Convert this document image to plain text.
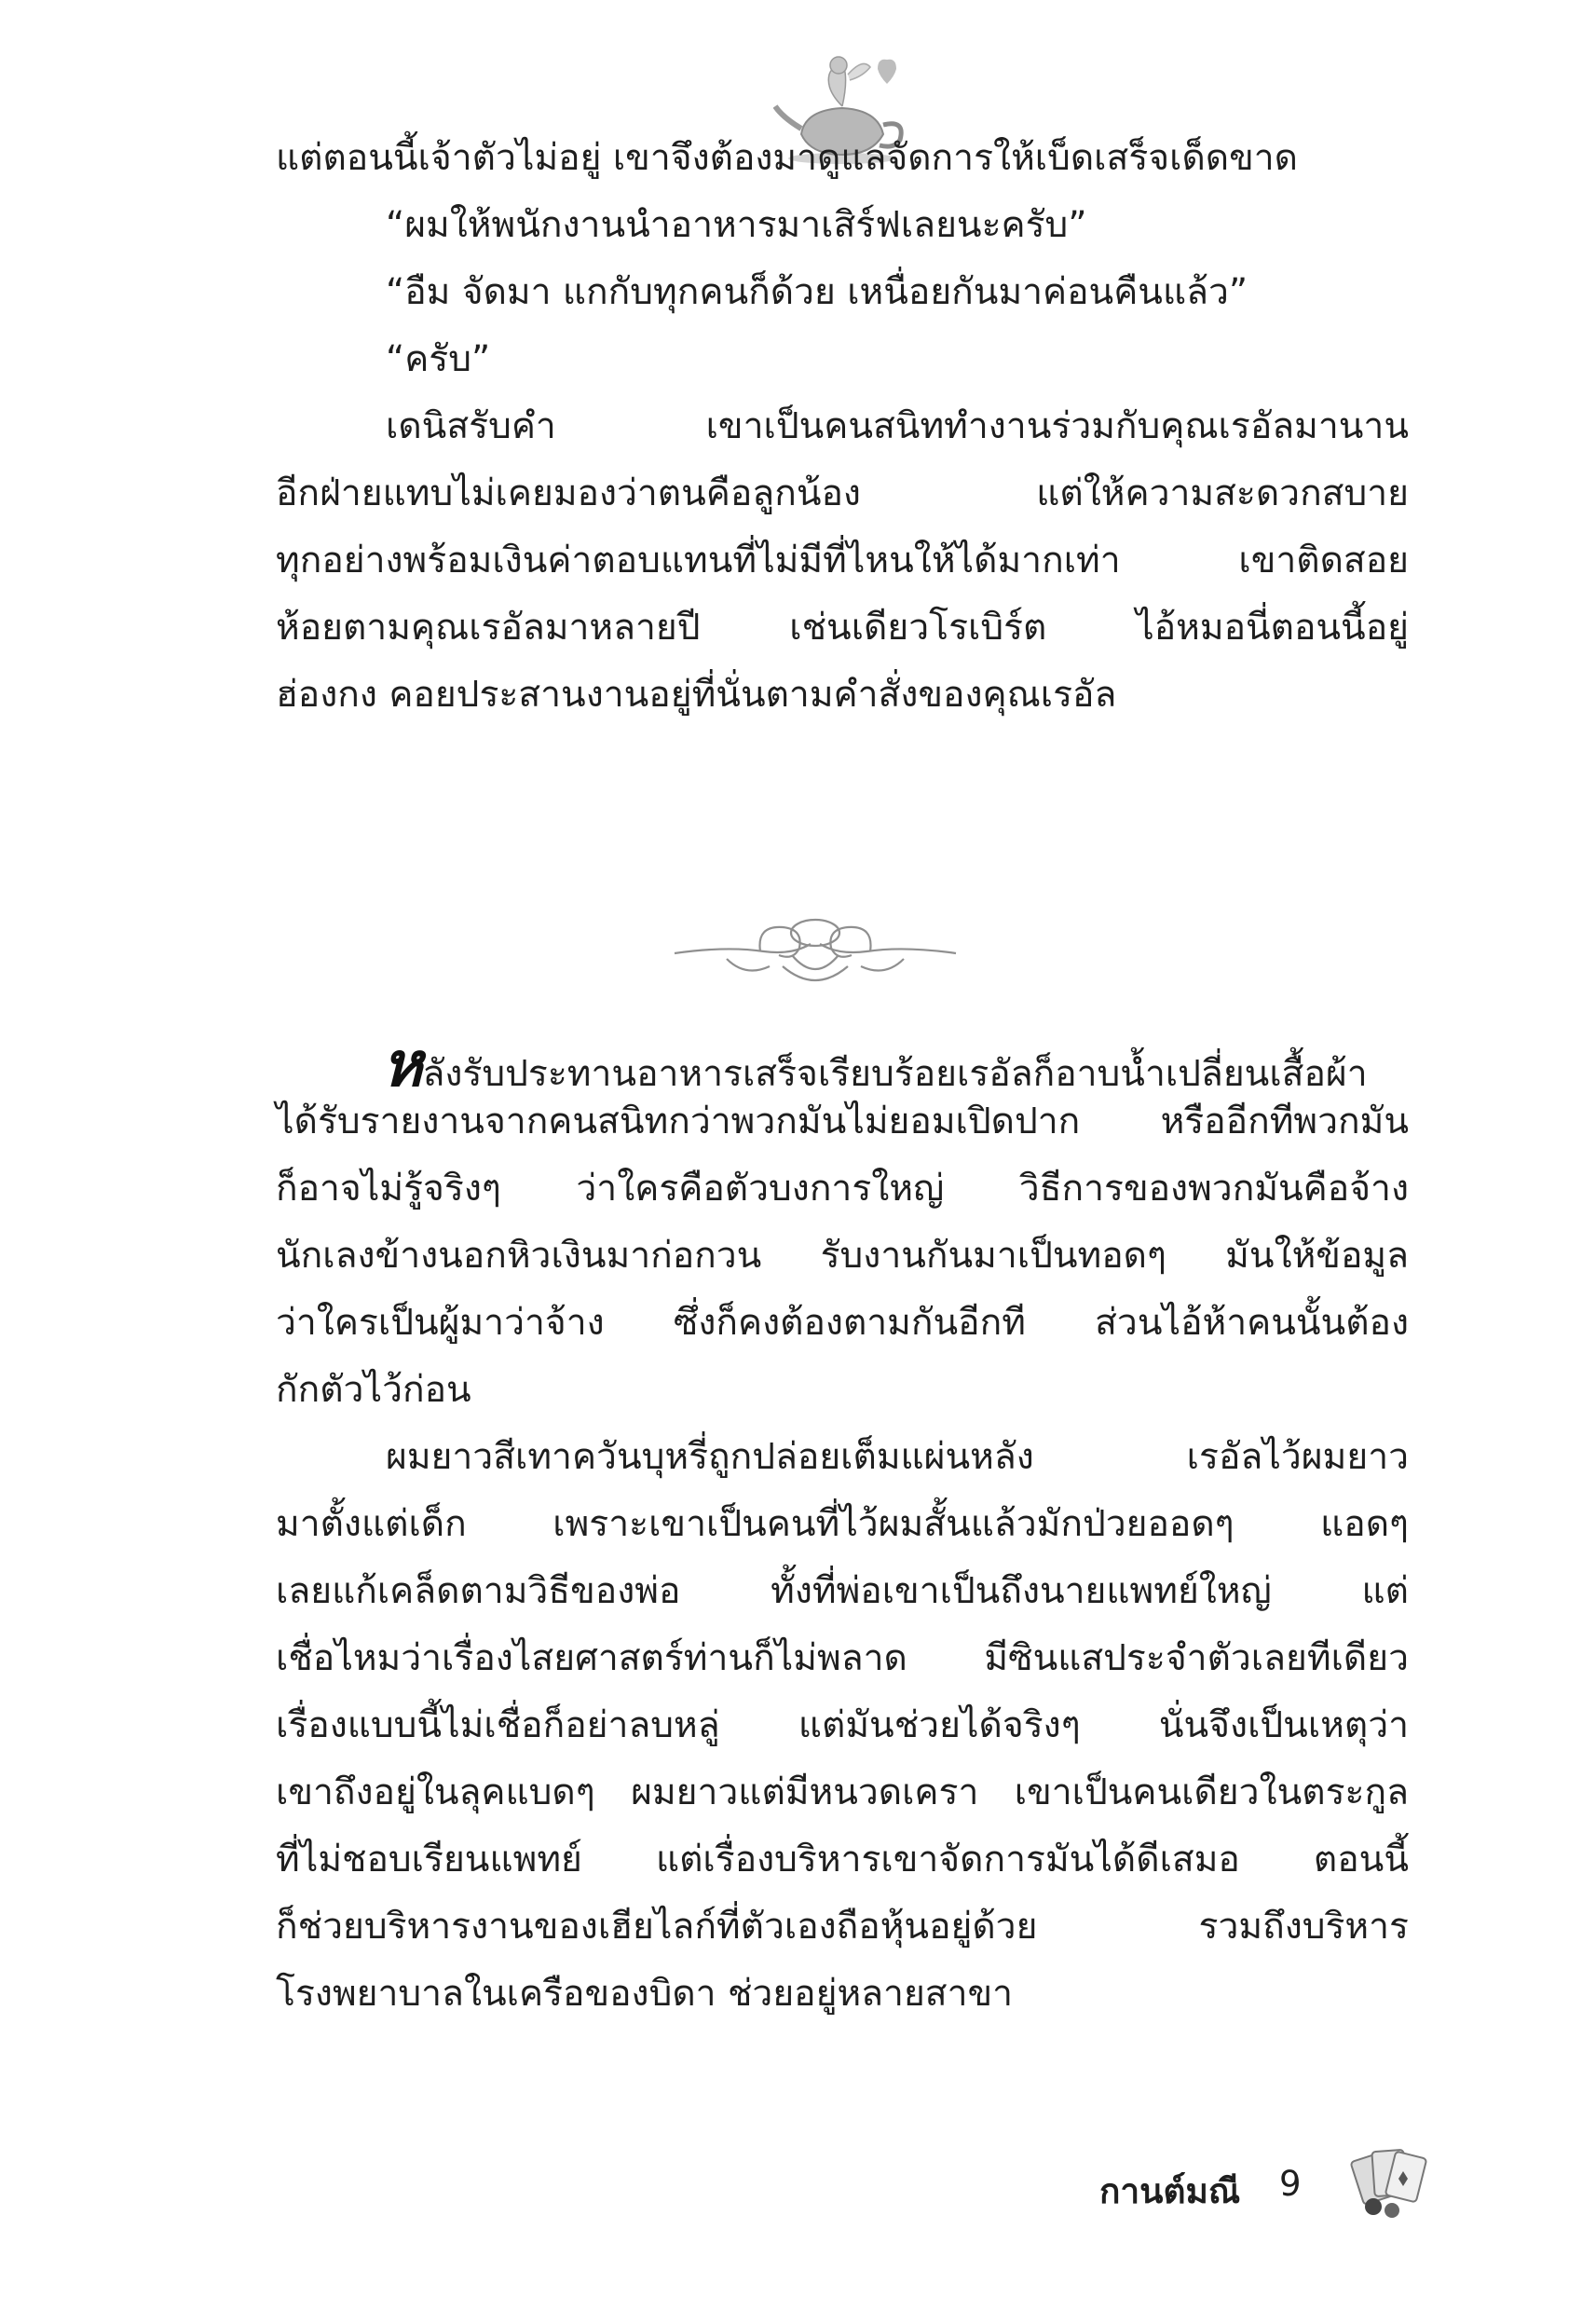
แต่ตอนนี้เจ้าตัวไม่อยู่ เขาจึงต้องมาดูแลจัดการให้เบ็ดเสร็จเด็ดขาด
“ผมให้พนักงานนำอาหารมาเสิร์ฟเลยนะครับ”
“อืม จัดมา แกกับทุกคนก็ด้วย เหนื่อยกันมาค่อนคืนแล้ว”
“ครับ”
เดนิสรับคำ เขาเป็นคนสนิททำงานร่วมกับคุณเรอัลมานาน
อีกฝ่ายแทบไม่เคยมองว่าตนคือลูกน้อง แต่ให้ความสะดวกสบาย
ทุกอย่างพร้อมเงินค่าตอบแทนที่ไม่มีที่ไหนให้ได้มากเท่า เขาติดสอย
ห้อยตามคุณเรอัลมาหลายปี เช่นเดียวโรเบิร์ต ไอ้หมอนี่ตอนนี้อยู่
ฮ่องกง คอยประสานงานอยู่ที่นั่นตามคำสั่งของคุณเรอัล
หลังรับประทานอาหารเสร็จเรียบร้อยเรอัลก็อาบน้ำเปลี่ยนเสื้อผ้า
ได้รับรายงานจากคนสนิทกว่าพวกมันไม่ยอมเปิดปาก หรืออีกทีพวกมัน
ก็อาจไม่รู้จริงๆ ว่าใครคือตัวบงการใหญ่ วิธีการของพวกมันคือจ้าง
นักเลงข้างนอกหิวเงินมาก่อกวน รับงานกันมาเป็นทอดๆ มันให้ข้อมูล
ว่าใครเป็นผู้มาว่าจ้าง ซึ่งก็คงต้องตามกันอีกที ส่วนไอ้ห้าคนนั้นต้อง
กักตัวไว้ก่อน
ผมยาวสีเทาควันบุหรี่ถูกปล่อยเต็มแผ่นหลัง เรอัลไว้ผมยาว
มาตั้งแต่เด็ก เพราะเขาเป็นคนที่ไว้ผมสั้นแล้วมักป่วยออดๆ แอดๆ
เลยแก้เคล็ดตามวิธีของพ่อ ทั้งที่พ่อเขาเป็นถึงนายแพทย์ใหญ่ แต่
เชื่อไหมว่าเรื่องไสยศาสตร์ท่านก็ไม่พลาด มีซินแสประจำตัวเลยทีเดียว
เรื่องแบบนี้ไม่เชื่อก็อย่าลบหลู่ แต่มันช่วยได้จริงๆ นั่นจึงเป็นเหตุว่า
เขาถึงอยู่ในลุคแบดๆ ผมยาวแต่มีหนวดเครา เขาเป็นคนเดียวในตระกูล
ที่ไม่ชอบเรียนแพทย์ แต่เรื่องบริหารเขาจัดการมันได้ดีเสมอ ตอนนี้
ก็ช่วยบริหารงานของเฮียไลก์ที่ตัวเองถือหุ้นอยู่ด้วย รวมถึงบริหาร
โรงพยาบาลในเครือของบิดา ช่วยอยู่หลายสาขา
กานต์มณี 9
